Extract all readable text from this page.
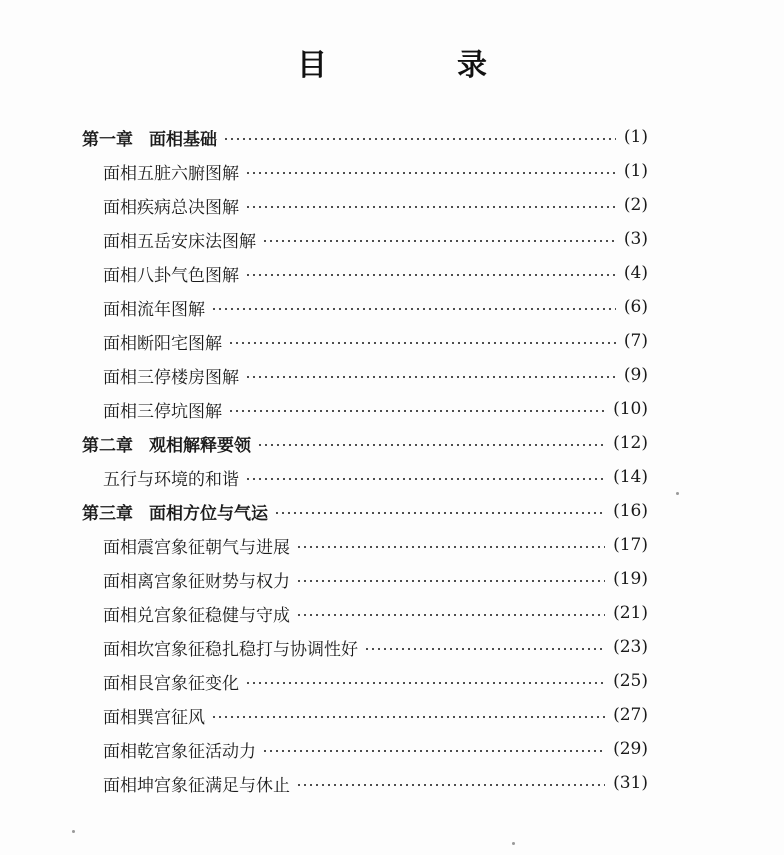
目　录
第一章 面相基础	(1)
面相五脏六腑图解	(1)
面相疾病总决图解	(2)
面相五岳安床法图解	(3)
面相八卦气色图解	(4)
面相流年图解	(6)
面相断阳宅图解	(7)
面相三停楼房图解	(9)
面相三停坑图解	(10)
第二章 观相解释要领	(12)
五行与环境的和谐	(14)
第三章 面相方位与气运	(16)
面相震宫象征朝气与进展	(17)
面相离宫象征财势与权力	(19)
面相兑宫象征稳健与守成	(21)
面相坎宫象征稳扎稳打与协调性好	(23)
面相艮宫象征变化	(25)
面相巽宫征风	(27)
面相乾宫象征活动力	(29)
面相坤宫象征满足与休止	(31)
